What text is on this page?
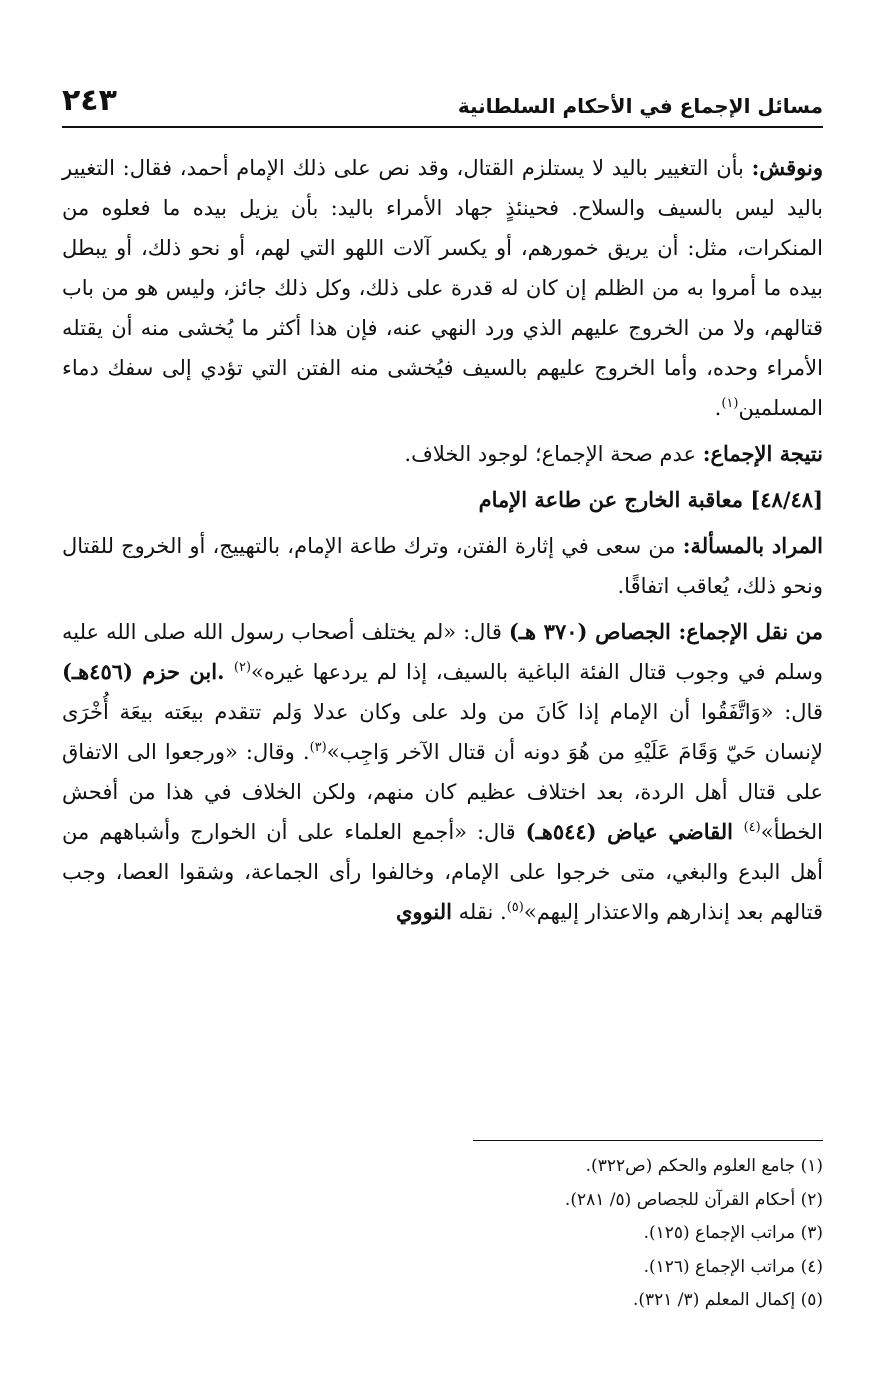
مسائل الإجماع في الأحكام السلطانية
٢٤٣

ونوقش: بأن التغيير باليد لا يستلزم القتال، وقد نص على ذلك الإمام أحمد، فقال: التغيير باليد ليس بالسيف والسلاح. فحينئذٍ جهاد الأمراء باليد: بأن يزيل بيده ما فعلوه من المنكرات، مثل: أن يريق خمورهم، أو يكسر آلات اللهو التي لهم، أو نحو ذلك، أو يبطل بيده ما أمروا به من الظلم إن كان له قدرة على ذلك، وكل ذلك جائز، وليس هو من باب قتالهم، ولا من الخروج عليهم الذي ورد النهي عنه، فإن هذا أكثر ما يُخشى منه أن يقتله الأمراء وحده، وأما الخروج عليهم بالسيف فيُخشى منه الفتن التي تؤدي إلى سفك دماء المسلمين$^{(١)}$.

نتيجة الإجماع: عدم صحة الإجماع؛ لوجود الخلاف.

[٤٨/٤٨] معاقبة الخارج عن طاعة الإمام

المراد بالمسألة: من سعى في إثارة الفتن، وترك طاعة الإمام، بالتهييج، أو الخروج للقتال ونحو ذلك، يُعاقب اتفاقًا.

من نقل الإجماع: الجصاص (٣٧٠ هـ) قال: «لم يختلف أصحاب رسول الله صلى الله عليه وسلم في وجوب قتال الفئة الباغية بالسيف، إذا لم يردعها غيره»$^{(٢)}$ .ابن حزم (٤٥٦هـ) قال: «وَاتَّفَقُوا أن الإمام إذا كَانَ من ولد على وكان عدلا وَلم تتقدم بيعَته بيعَة أُخْرَى لإنسان حَيّ وَقَامَ عَلَيْهِ من هُوَ دونه أن قتال الآخر وَاجِب»$^{(٣)}$. وقال: «ورجعوا الى الاتفاق على قتال أهل الردة، بعد اختلاف عظيم كان منهم، ولكن الخلاف في هذا من أفحش الخطأ»$^{(٤)}$ القاضي عياض (٥٤٤هـ) قال: «أجمع العلماء على أن الخوارج وأشباههم من أهل البدع والبغي، متى خرجوا على الإمام، وخالفوا رأى الجماعة، وشقوا العصا، وجب قتالهم بعد إنذارهم والاعتذار إليهم»$^{(٥)}$. نقله النووي

(١) جامع العلوم والحكم (ص٣٢٢).

(٢) أحكام القرآن للجصاص (٥/ ٢٨١).

(٣) مراتب الإجماع (١٢٥).

(٤) مراتب الإجماع (١٢٦).

(٥) إكمال المعلم (٣/ ٣٢١).
